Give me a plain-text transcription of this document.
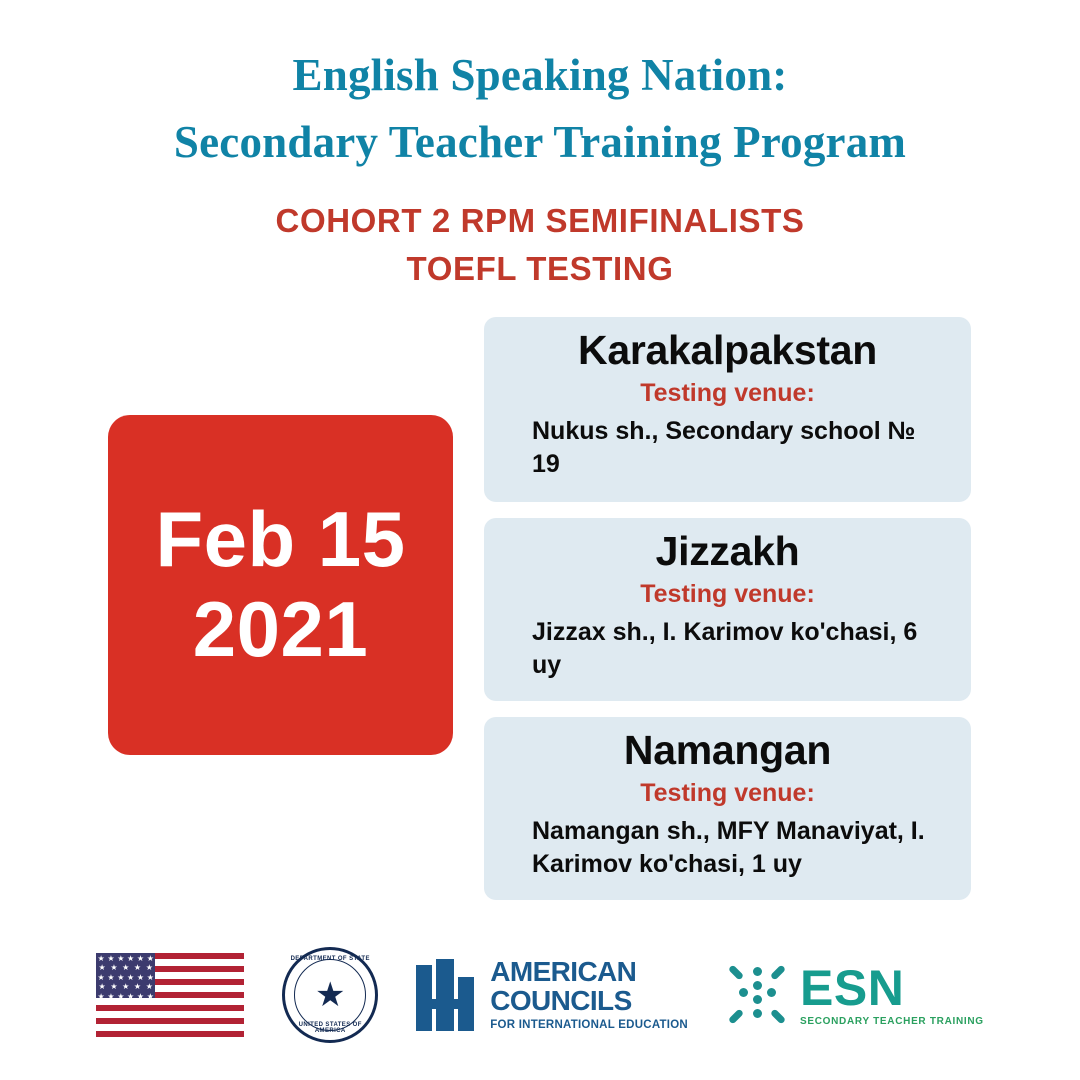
English Speaking Nation:
Secondary Teacher Training Program
COHORT 2 RPM SEMIFINALISTS
TOEFL TESTING
Feb 15
2021
Karakalpakstan
Testing venue:
Nukus sh., Secondary school № 19
Jizzakh
Testing venue:
Jizzax sh., I. Karimov ko'chasi, 6 uy
Namangan
Testing venue:
Namangan sh., MFY Manaviyat, I. Karimov ko'chasi, 1 uy
★ ★ ★ ★ ★ ★
★ ★ ★ ★ ★
★ ★ ★ ★ ★ ★
★ ★ ★ ★ ★
★ ★ ★ ★ ★ ★
DEPARTMENT OF STATE
★
UNITED STATES OF AMERICA
AMERICAN
COUNCILS
FOR INTERNATIONAL EDUCATION
ESN
SECONDARY TEACHER TRAINING
